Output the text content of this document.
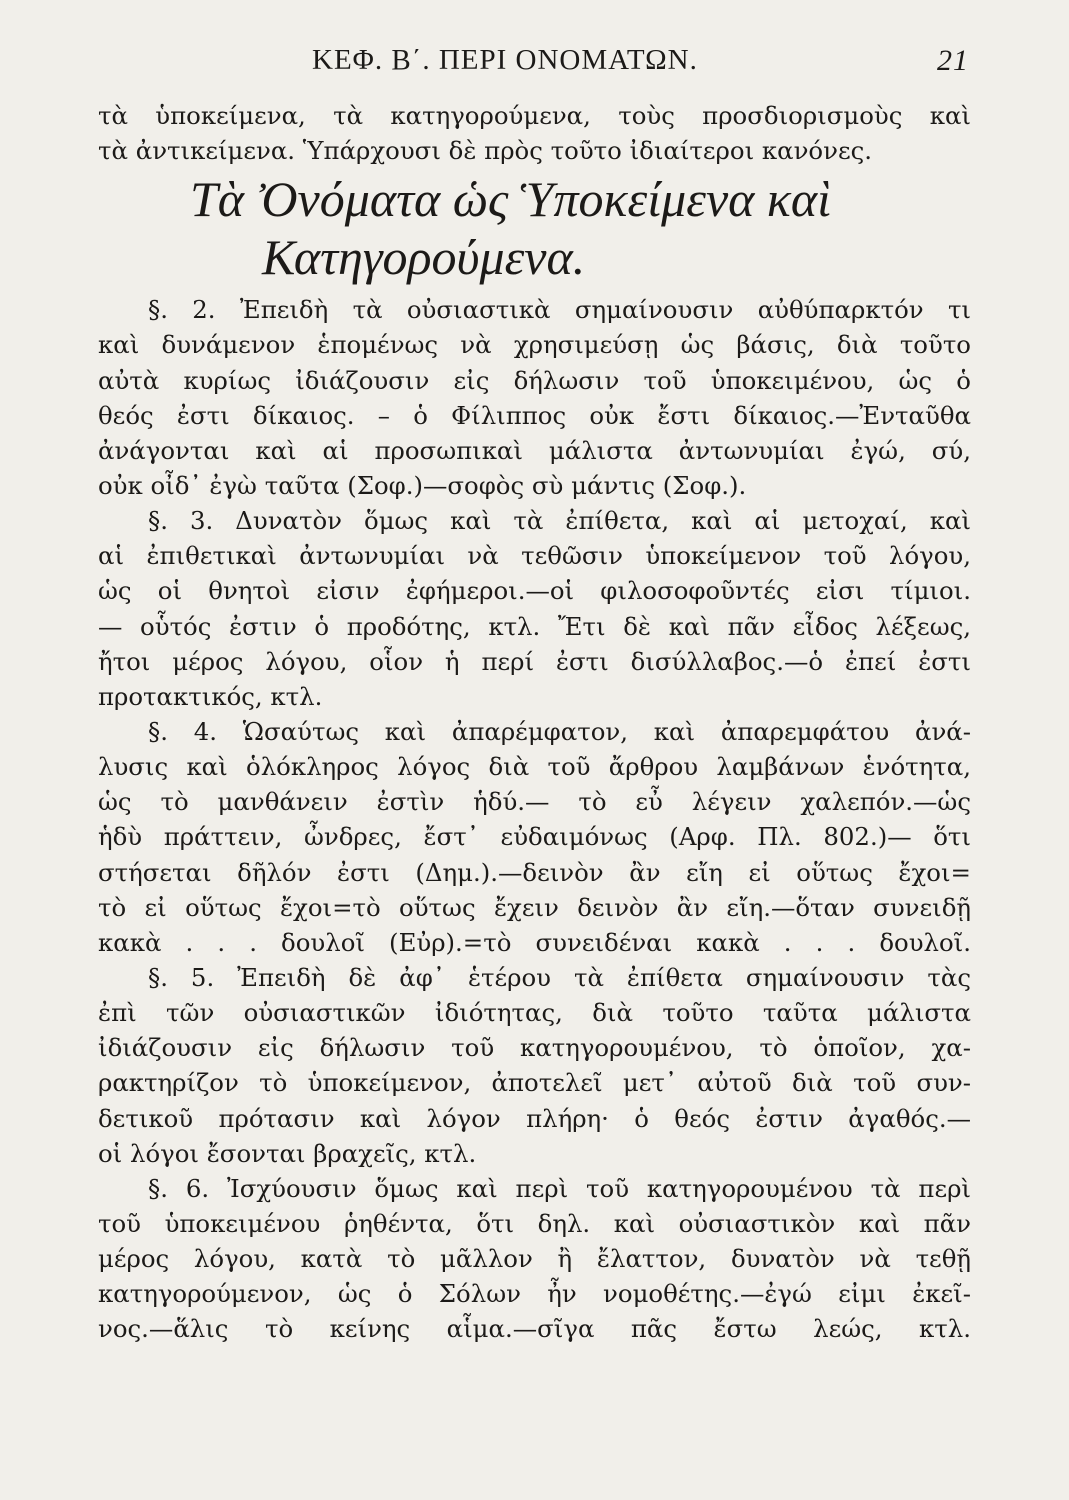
ΚΕΦ. Β΄. ΠΕΡΙ ΟΝΟΜΑΤΩΝ.	21
τὰ ὑποκείμενα, τὰ κατηγορούμενα, τοὺς προσδιορισμοὺς καὶ
τὰ ἀντικείμενα. Ὑπάρχουσι δὲ πρὸς τοῦτο ἰδιαίτεροι κανόνες.
Τὰ Ὀνόματα ὡς Ὑποκείμενα καὶ
Κατηγορούμενα.
§. 2. Ἐπειδὴ τὰ οὐσιαστικὰ σημαίνουσιν αὐθύπαρκτόν τι
καὶ δυνάμενον ἑπομένως νὰ χρησιμεύσῃ ὡς βάσις, διὰ τοῦτο
αὐτὰ κυρίως ἰδιάζουσιν εἰς δήλωσιν τοῦ ὑποκειμένου, ὡς ὁ
θεός ἐστι δίκαιος. – ὁ Φίλιππος οὐκ ἔστι δίκαιος.—Ἐνταῦθα
ἀνάγονται καὶ αἱ προσωπικαὶ μάλιστα ἀντωνυμίαι ἐγώ, σύ,
οὐκ οἶδ᾽ ἐγὼ ταῦτα (Σοφ.)—σοφὸς σὺ μάντις (Σοφ.).
§. 3. Δυνατὸν ὅμως καὶ τὰ ἐπίθετα, καὶ αἱ μετοχαί, καὶ
αἱ ἐπιθετικαὶ ἀντωνυμίαι νὰ τεθῶσιν ὑποκείμενον τοῦ λόγου,
ὡς οἱ θνητοὶ εἰσιν ἐφήμεροι.—οἱ φιλοσοφοῦντές εἰσι τίμιοι.
— οὗτός ἐστιν ὁ προδότης, κτλ. Ἔτι δὲ καὶ πᾶν εἶδος λέξεως,
ἤτοι μέρος λόγου, οἷον ἡ περί ἐστι δισύλλαβος.—ὁ ἐπεί ἐστι
προτακτικός, κτλ.
§. 4. Ὡσαύτως καὶ ἀπαρέμφατον, καὶ ἀπαρεμφάτου ἀνά-
λυσις καὶ ὁλόκληρος λόγος διὰ τοῦ ἄρθρου λαμβάνων ἑνότητα,
ὡς τὸ μανθάνειν ἐστὶν ἡδύ.— τὸ εὖ λέγειν χαλεπόν.—ὡς
ἡδὺ πράττειν, ὦνδρες, ἔστ᾽ εὐδαιμόνως (Αρφ. Πλ. 802.)— ὅτι
στήσεται δῆλόν ἐστι (Δημ.).—δεινὸν ἂν εἴη εἰ οὕτως ἔχοι=
τὸ εἰ οὕτως ἔχοι=τὸ οὕτως ἔχειν δεινὸν ἂν εἴη.—ὅταν συνειδῇ
κακὰ . . . δουλοῖ (Εὐρ).=τὸ συνειδέναι κακὰ . . . δουλοῖ.
§. 5. Ἐπειδὴ δὲ ἀφ᾽ ἑτέρου τὰ ἐπίθετα σημαίνουσιν τὰς
ἐπὶ τῶν οὐσιαστικῶν ἰδιότητας, διὰ τοῦτο ταῦτα μάλιστα
ἰδιάζουσιν εἰς δήλωσιν τοῦ κατηγορουμένου, τὸ ὁποῖον, χα-
ρακτηρίζον τὸ ὑποκείμενον, ἀποτελεῖ μετ᾽ αὐτοῦ διὰ τοῦ συν-
δετικοῦ πρότασιν καὶ λόγον πλήρη· ὁ θεός ἐστιν ἀγαθός.—
οἱ λόγοι ἔσονται βραχεῖς, κτλ.
§. 6. Ἰσχύουσιν ὅμως καὶ περὶ τοῦ κατηγορουμένου τὰ περὶ
τοῦ ὑποκειμένου ῥηθέντα, ὅτι δηλ. καὶ οὐσιαστικὸν καὶ πᾶν
μέρος λόγου, κατὰ τὸ μᾶλλον ἢ ἔλαττον, δυνατὸν νὰ τεθῇ
κατηγορούμενον, ὡς ὁ Σόλων ἦν νομοθέτης.—ἐγώ εἰμι ἐκεῖ-
νος.—ἅλις τὸ κείνης αἷμα.—σῖγα πᾶς ἔστω λεώς, κτλ.
